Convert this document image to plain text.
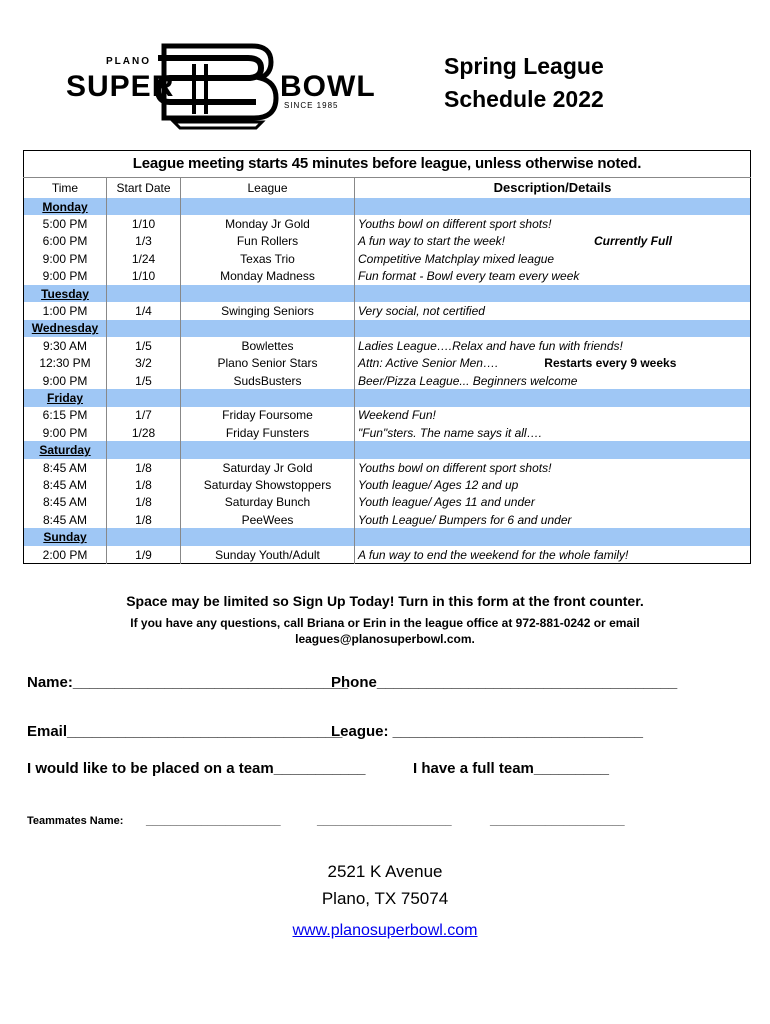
PLANO
SUPER	BOWL
SINCE 1985
Spring League
Schedule 2022
League meeting starts 45 minutes before league, unless otherwise noted.			
Time	Start Date	League	Description/Details
Monday			
5:00 PM	1/10	Monday Jr Gold	Youths bowl on different sport shots!

6:00 PM	1/3	Fun Rollers	A fun way to start the week! Currently Full

9:00 PM	1/24	Texas Trio	Competitive Matchplay mixed league

9:00 PM	1/10	Monday Madness	Fun format - Bowl every team every week

Tuesday			
1:00 PM	1/4	Swinging Seniors	Very social, not certified

Wednesday			
9:30 AM	1/5	Bowlettes	Ladies League….Relax and have fun with friends!

12:30 PM	3/2	Plano Senior Stars	Attn: Active Senior Men…. Restarts every 9 weeks

9:00 PM	1/5	SudsBusters	Beer/Pizza League... Beginners welcome

Friday			
6:15 PM	1/7	Friday Foursome	Weekend Fun!

9:00 PM	1/28	Friday Funsters	"Fun"sters. The name says it all….

Saturday			
8:45 AM	1/8	Saturday Jr Gold	Youths bowl on different sport shots!

8:45 AM	1/8	Saturday Showstoppers	Youth league/ Ages 12 and up

8:45 AM	1/8	Saturday Bunch	Youth league/ Ages 11 and under

8:45 AM	1/8	PeeWees	Youth League/ Bumpers for 6 and under

Sunday			
2:00 PM	1/9	Sunday Youth/Adult	A fun way to end the weekend for the whole family!
Space may be limited so Sign Up Today! Turn in this form at the front counter.
If you have any questions, call Briana or Erin in the league office at 972-881-0242 or email
leagues@planosuperbowl.com.
Name:_________________________________
Phone____________________________________
Email_________________________________
League: ______________________________
I would like to be placed on a team___________	I have a full team_________
Teammates Name: ______________________	______________________	______________________
2521 K Avenue
Plano, TX 75074
www.planosuperbowl.com
